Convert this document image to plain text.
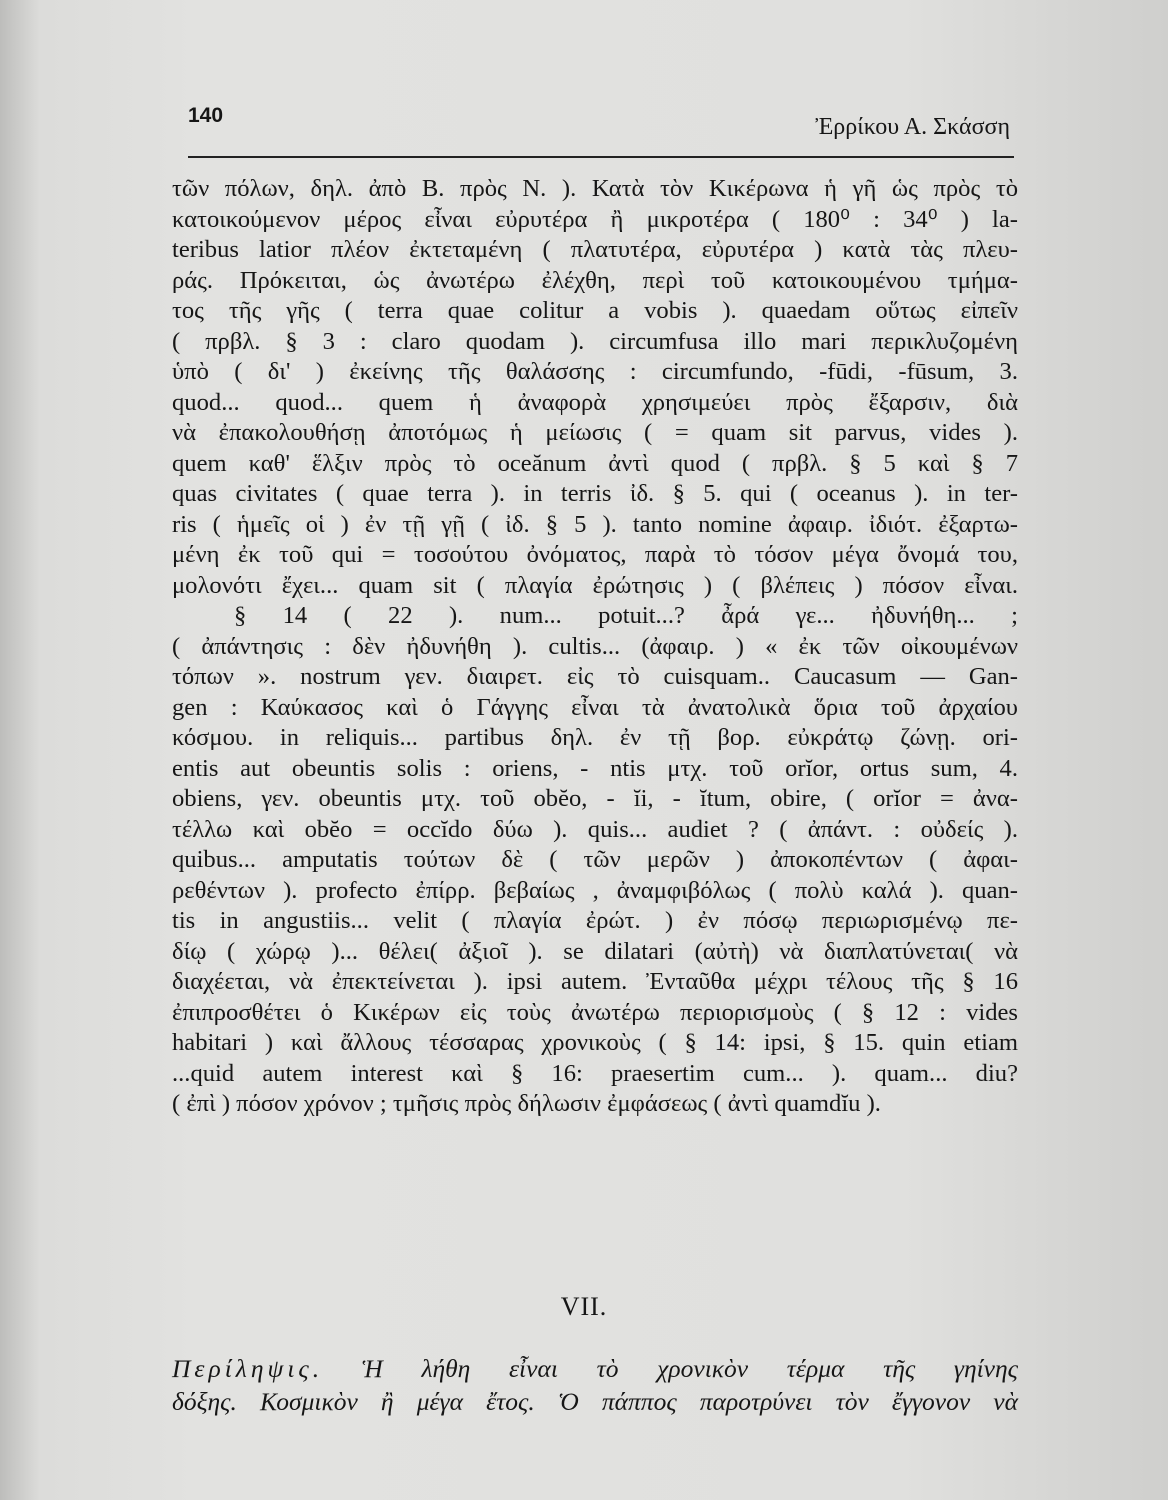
140	Ἐρρίκου Α. Σκάσση
τῶν πόλων, δηλ. ἀπὸ Β. πρὸς Ν. ). Κατὰ τὸν Κικέρωνα ἡ γῆ ὡς πρὸς τὸ
κατοικούμενον μέρος εἶναι εὐρυτέρα ἢ μικροτέρα ( 180⁰ : 34⁰ ) la-
teribus latior πλέον ἐκτεταμένη ( πλατυτέρα, εὐρυτέρα ) κατὰ τὰς πλευ-
ράς. Πρόκειται, ὡς ἀνωτέρω ἐλέχθη, περὶ τοῦ κατοικουμένου τμήμα-
τος τῆς γῆς ( terra quae colitur a vobis ). quaedam οὕτως εἰπεῖν
( πρβλ. § 3 : claro quodam ). circumfusa illo mari περικλυζομένη
ὑπὸ ( δι' ) ἐκείνης τῆς θαλάσσης : circumfundo, -fūdi, -fūsum, 3.
quod... quod... quem ἡ ἀναφορὰ χρησιμεύει πρὸς ἔξαρσιν, διὰ
νὰ ἐπακολουθήσῃ ἀποτόμως ἡ μείωσις ( = quam sit parvus, vides ).
quem καθ' ἕλξιν πρὸς τὸ oceănum ἀντὶ quod ( πρβλ. § 5 καὶ § 7
quas civitates ( quae terra ). in terris ἰδ. § 5. qui ( oceanus ). in ter-
ris ( ἡμεῖς οἱ ) ἐν τῇ γῇ ( ἰδ. § 5 ). tanto nomine ἀφαιρ. ἰδιότ. ἐξαρτω-
μένη ἐκ τοῦ qui = τοσούτου ὀνόματος, παρὰ τὸ τόσον μέγα ὄνομά του,
μολονότι ἔχει... quam sit ( πλαγία ἐρώτησις ) ( βλέπεις ) πόσον εἶναι.
§ 14 ( 22 ). num... potuit...? ἆρά γε... ἠδυνήθη... ;
( ἀπάντησις : δὲν ἠδυνήθη ). cultis... (ἀφαιρ. ) « ἐκ τῶν οἰκουμένων
τόπων ». nostrum γεν. διαιρετ. εἰς τὸ cuisquam.. Caucasum — Gan-
gen : Καύκασος καὶ ὁ Γάγγης εἶναι τὰ ἀνατολικὰ ὅρια τοῦ ἀρχαίου
κόσμου. in reliquis... partibus δηλ. ἐν τῇ βορ. εὐκράτῳ ζώνῃ. ori-
entis aut obeuntis solis : oriens, - ntis μτχ. τοῦ orĭor, ortus sum, 4.
obiens, γεν. obeuntis μτχ. τοῦ obĕo, - ĭi, - ĭtum, obire, ( orĭor = ἀνα-
τέλλω καὶ obĕo = occĭdo δύω ). quis... audiet ? ( ἀπάντ. : οὐδείς ).
quibus... amputatis τούτων δὲ ( τῶν μερῶν ) ἀποκοπέντων ( ἀφαι-
ρεθέντων ). profecto ἐπίρρ. βεβαίως , ἀναμφιβόλως ( πολὺ καλά ). quan-
tis in angustiis... velit ( πλαγία ἐρώτ. ) ἐν πόσῳ περιωρισμένῳ πε-
δίῳ ( χώρῳ )... θέλει( ἀξιοῖ ). se dilatari (αὐτὴ) νὰ διαπλατύνεται( νὰ
διαχέεται, νὰ ἐπεκτείνεται ). ipsi autem. Ἐνταῦθα μέχρι τέλους τῆς § 16
ἐπιπροσθέτει ὁ Κικέρων εἰς τοὺς ἀνωτέρω περιορισμοὺς ( § 12 : vides
habitari ) καὶ ἄλλους τέσσαρας χρονικοὺς ( § 14: ipsi, § 15. quin etiam
...quid autem interest καὶ § 16: praesertim cum... ). quam... diu?
( ἐπὶ ) πόσον χρόνον ; τμῆσις πρὸς δήλωσιν ἐμφάσεως ( ἀντὶ quamdĭu ).
VII.
Περίληψις. Ἡ λήθη εἶναι τὸ χρονικὸν τέρμα τῆς γηίνης
δόξης. Κοσμικὸν ἢ μέγα ἔτος. Ὁ πάππος παροτρύνει τὸν ἔγγονον νὰ
